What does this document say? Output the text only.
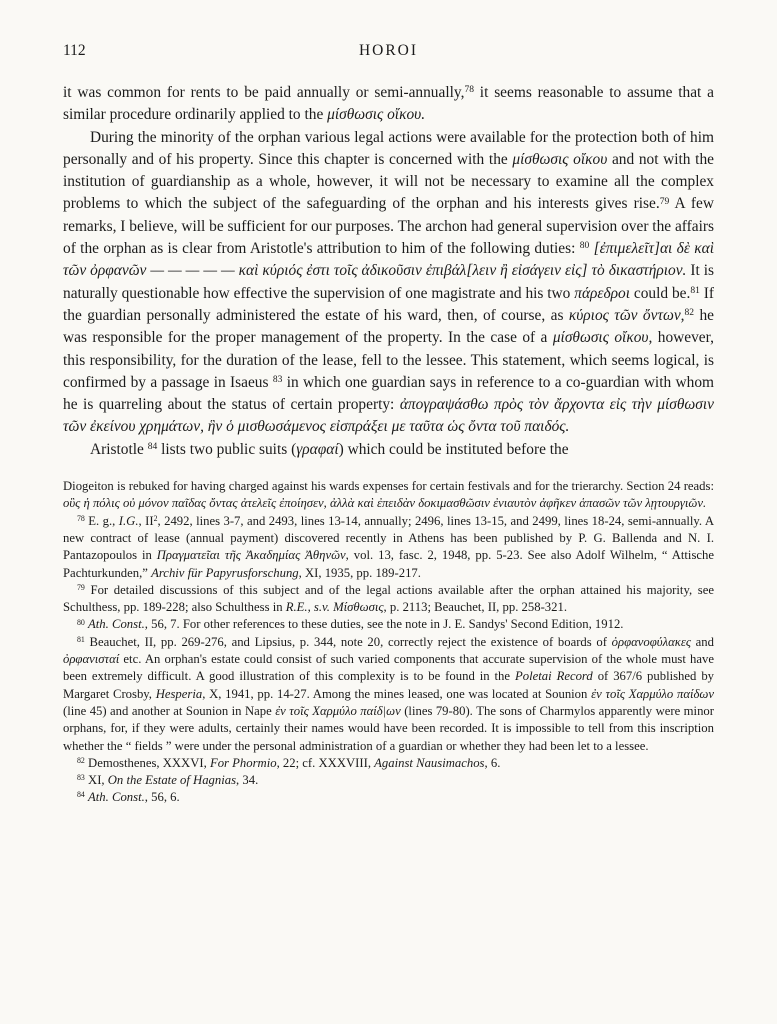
112	HOROI

it was common for rents to be paid annually or semi-annually,$^{78}$ it seems reasonable to assume that a similar procedure ordinarily applied to the μίσθωσις οἴκου.

During the minority of the orphan various legal actions were available for the protection both of him personally and of his property. Since this chapter is concerned with the μίσθωσις οἴκου and not with the institution of guardianship as a whole, however, it will not be necessary to examine all the complex problems to which the subject of the safeguarding of the orphan and his interests gives rise.$^{79}$ A few remarks, I believe, will be sufficient for our purposes. The archon had general supervision over the affairs of the orphan as is clear from Aristotle's attribution to him of the following duties: $^{80}$ [ἐπιμελεῖτ]αι δὲ καὶ τῶν ὀρφανῶν — — — — — καὶ κύριός ἐστι τοῖς ἀδικοῦσιν ἐπιβάλ[λειν ἢ εἰσάγειν εἰς] τὸ δικαστήριον. It is naturally questionable how effective the supervision of one magistrate and his two πάρεδροι could be.$^{81}$ If the guardian personally administered the estate of his ward, then, of course, as κύριος τῶν ὄντων,$^{82}$ he was responsible for the proper management of the property. In the case of a μίσθωσις οἴκου, however, this responsibility, for the duration of the lease, fell to the lessee. This statement, which seems logical, is confirmed by a passage in Isaeus $^{83}$ in which one guardian says in reference to a co-guardian with whom he is quarreling about the status of certain property: ἀπογραψάσθω πρὸς τὸν ἄρχοντα εἰς τὴν μίσθωσιν τῶν ἐκείνου χρημάτων, ἣν ὁ μισθωσάμενος εἰσπράξει με ταῦτα ὡς ὄντα τοῦ παιδός.

Aristotle $^{84}$ lists two public suits (γραφαί) which could be instituted before the

Diogeiton is rebuked for having charged against his wards expenses for certain festivals and for the trierarchy. Section 24 reads: οὓς ἡ πόλις οὐ μόνον παῖδας ὄντας ἀτελεῖς ἐποίησεν, ἀλλὰ καὶ ἐπειδὰν δοκιμασθῶσιν ἐνιαυτὸν ἀφῆκεν ἁπασῶν τῶν λῃτουργιῶν.

$^{78}$ E. g., I.G., $II^2$, 2492, lines 3-7, and 2493, lines 13-14, annually; 2496, lines 13-15, and 2499, lines 18-24, semi-annually. A new contract of lease (annual payment) discovered recently in Athens has been published by P. G. Ballenda and N. I. Pantazopoulos in Πραγματεῖαι τῆς Ἀκαδημίας Ἀθηνῶν, vol. 13, fasc. 2, 1948, pp. 5-23. See also Adolf Wilhelm, “ Attische Pachturkunden,” Archiv für Papyrusforschung, XI, 1935, pp. 189-217.

$^{79}$ For detailed discussions of this subject and of the legal actions available after the orphan attained his majority, see Schulthess, pp. 189-228; also Schulthess in R.E., s.v. Μίσθωσις, p. 2113; Beauchet, II, pp. 258-321.

$^{80}$ Ath. Const., 56, 7. For other references to these duties, see the note in J. E. Sandys' Second Edition, 1912.

$^{81}$ Beauchet, II, pp. 269-276, and Lipsius, p. 344, note 20, correctly reject the existence of boards of ὀρφανοφύλακες and ὀρφανισταί etc. An orphan's estate could consist of such varied components that accurate supervision of the whole must have been extremely difficult. A good illustration of this complexity is to be found in the Poletai Record of 367/6 published by Margaret Crosby, Hesperia, X, 1941, pp. 14-27. Among the mines leased, one was located at Sounion ἐν τοῖς Χαρμύλο παίδων (line 45) and another at Sounion in Nape ἐν τοῖς Χαρμύλο παίδ|ων (lines 79-80). The sons of Charmylos apparently were minor orphans, for, if they were adults, certainly their names would have been recorded. It is impossible to tell from this inscription whether the “ fields ” were under the personal administration of a guardian or whether they had been let to a lessee.

$^{82}$ Demosthenes, XXXVI, For Phormio, 22; cf. XXXVIII, Against Nausimachos, 6.

$^{83}$ XI, On the Estate of Hagnias, 34.

$^{84}$ Ath. Const., 56, 6.
